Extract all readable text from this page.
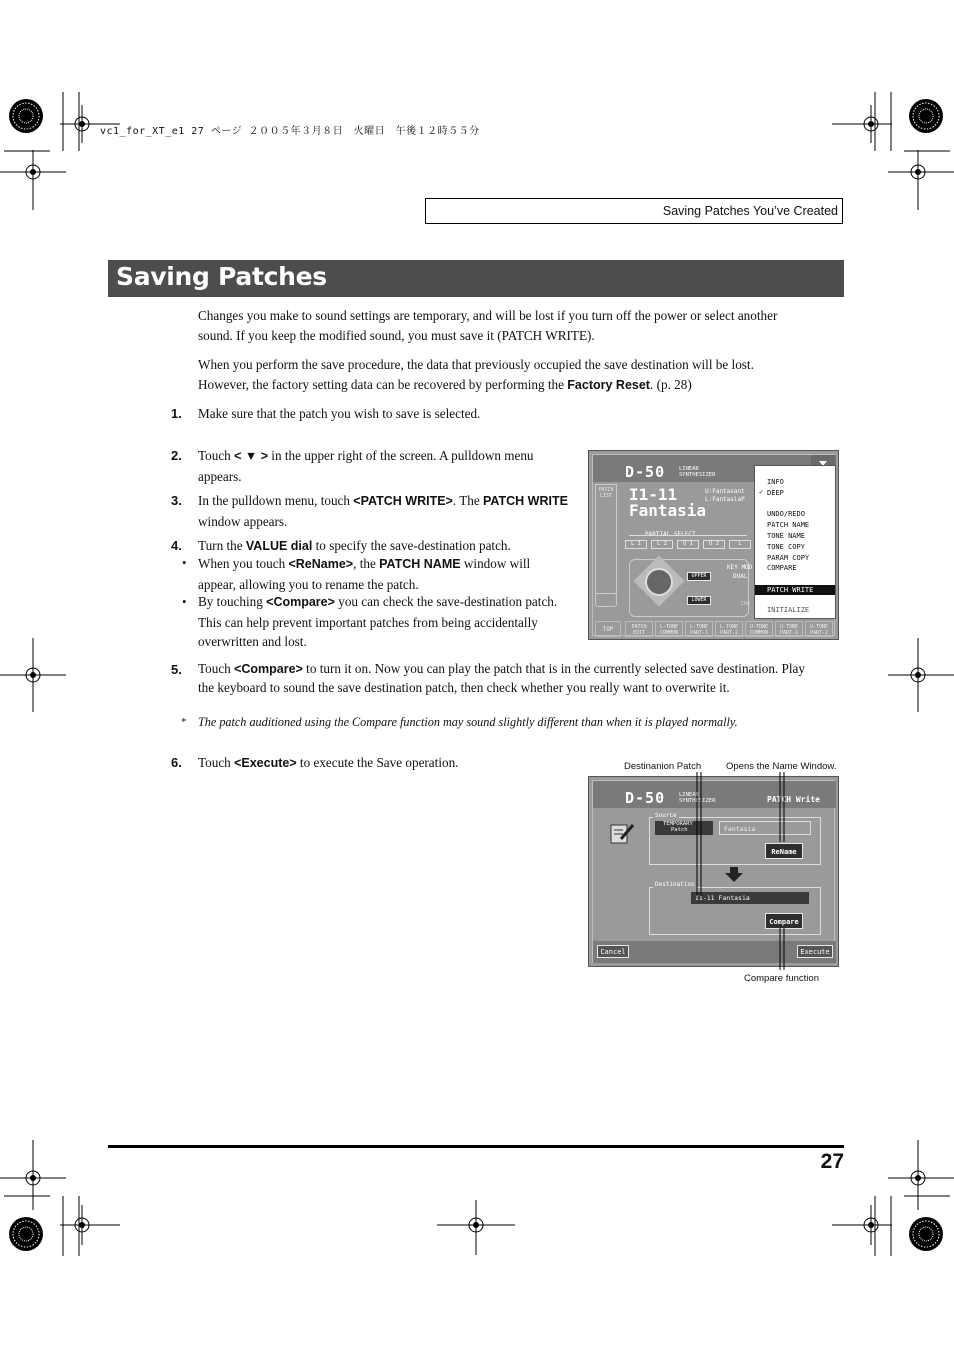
vc1_for_XT_e1 27 ページ ２００５年３月８日　火曜日　午後１２時５５分
Saving Patches You’ve Created
Saving Patches
Changes you make to sound settings are temporary, and will be lost if you turn off the power or select another sound. If you keep the modified sound, you must save it (PATCH WRITE).
When you perform the save procedure, the data that previously occupied the save destination will be lost. However, the factory setting data can be recovered by performing the Factory Reset. (p. 28)
1. Make sure that the patch you wish to save is selected.
2. Touch < ▼ > in the upper right of the screen. A pulldown menu appears.
3. In the pulldown menu, touch <PATCH WRITE>. The PATCH WRITE window appears.
4. Turn the VALUE dial to specify the save-destination patch.
• When you touch <ReName>, the PATCH NAME window will appear, allowing you to rename the patch.
• By touching <Compare> you can check the save-destination patch. This can help prevent important patches from being accidentally overwritten and lost.
5. Touch <Compare> to turn it on. Now you can play the patch that is in the currently selected save destination. Play the keyboard to sound the save destination patch, then check whether you really want to overwrite it.
* The patch auditioned using the Compare function may sound slightly different than when it is played normally.
6. Touch <Execute> to execute the Save operation.
D-50	LINEAR SYNTHESIZER
PATCH LIST I1-11
Fantasia
U:Fantasant
L:FantasiaP
L 1	L 2	U 1	U 2	L
UPPER
LOWER
KEY MOD
DUAL
CHA
INFO
✓ DEEP
UNDO/REDO
PATCH NAME
TONE NAME
TONE COPY
PARAM COPY
COMPARE
PATCH WRITE
INITIALIZE
TOP	PATCH EDIT
L-TONE COMMON
L-TONE PART-1
L-TONE PART-2
U-TONE COMMON
U-TONE PART-1
U-TONE PART-2
Destinanion Patch	Opens the Name Window.
D-50	LINEAR SYNTHESIZER	PATCH Write
Source
TEMPORARY
Patch	Fantasia
ReName
Destination
I1-11 Fantasia
Compare
Cancel	Execute
Compare function
27
